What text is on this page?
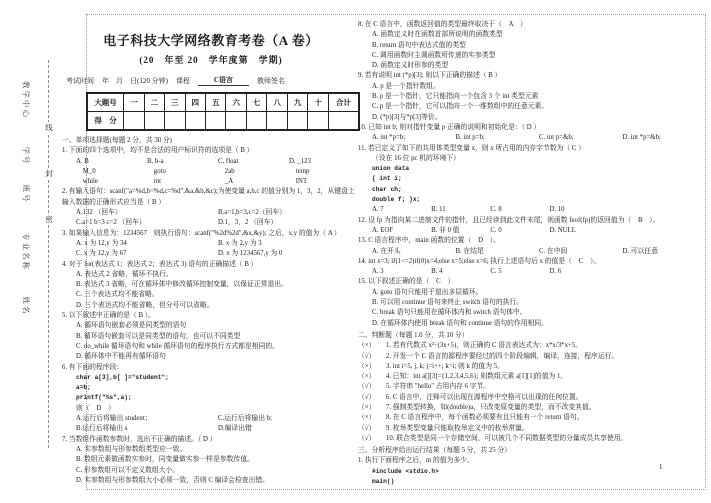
教学中心
学号
班号
专业名称
姓名
线
封
密
电子科技大学网络教育考卷（A 卷）
(20　年至 20　学年度第　学期)
考试时间 年　月　日(120 分钟) 课程	C语言	教师签名
大题号	一	二	三	四	五	六	七	八	九	十	合计
得　分											
一、单项选择题(每题 2 分，共 30 分)
1. 下面的四个选项中，均不是合法的用户标识符的选项是（ B ）
A. B	B. b-a	C. float	D. _123
　M_0	　goto	　2ab	　temp
　while	　int	　_A	　INT
2. 有输入语句：scanf("a=%d,b=%d,c=%d",&a,&b,&c);为使变量 a,b,c 的值分别为 1，3，2，从键盘上输入数据的正确形式应当是（ B ）
A.132 （回车）	B.a=1,b=3,c=2（回车）
C.a=1 b=3 c=2 （回车）	D.1，3，2 （回车）
3. 如果输入信息为：1234567　则执行语句：scanf("%2d%2d",&x,&y); 之后，x,y 的值为（ A ）
A. x 为 12,y 为 34	B. x 为 2,y 为 3
C. x 为 12,y 为 67	D. x 为 1234567,y 为 0
4. 对于 for(表达式 1；表达式 2；表达式 3) 语句的正确描述（ B ）
A. 表达式 2 省略，循环不执行。
B. 表达式 3 省略，可在循环体中修改循环控制变量，以保证正常退出。
C. 三个表达式均不能省略。
D. 三个表达式均不能省略，但分号可以省略。
5. 以下叙述中正确的是（ B ）。
A. 循环语句嵌套必须是同类型的语句
B. 循环语句嵌套可以是同类型的语句，也可以不同类型
C. do_while 循环语句和 while 循环语句的程序执行方式都是相同的。
D. 循环体中不能再有循环语句
6. 有下面的程序段：
char a[3],b[ ]="student";
a=b;
printf("%s",a);
则（　D　）
A.运行后将输出 student；	C.运行后将输出 b;
B.运行后将输出 s	D.编译出错
7. 当数组作函数参数时，选出不正确的描述。（ D ）
A. 实参数组与形参数组类型应一致。
B. 数组元素做函数实参时，同变量做实参一样是参数传值。
C. 形参数组可以不定义数组大小。
D. 实参数组与形参数组大小必须一致，否则 C 编译会检查出错。
8. 在 C 语言中，函数返回值的类型最终取决于（　A　）
A. 函数定义时在函数首部所说明的函数类型
B. return 语句中表达式值的类型
C. 调用函数时主调函数所传递的实参类型
D. 函数定义时形参的类型
9. 若有说明 int (*p)[3]; 则以下正确的描述（ B ）
A. p 是一个指针数组。
B. p 是一个指针，它只能指向一个包含 3 个 int 类型元素
C. p 是一个指针，它可以指向一个一维数组中的任意元素。
D. (*p)[3]与*p[3]等价。
10. 已知 int b; 则对指针变量 p 正确的说明和初始化是：（ D ）
A. int *p=b;	B. int p=b;	C. int p=&b;	D. int *p=&b;
11. 若已定义了如下的共用体类型变量 x，则 x 所占用的内存字节数为（ C ）
（设在 16 位 pc 机的环境下）
union data
{ int i;
char ch;
double f; }x;
A. 7	B. 11	C. 8	D. 10
12. 设 fp 为指向某二进制文件的指针，且已经读到此文件末尾，则函数 feof(fp)的返回值为（　B　）。
A. EOF	B. 非 0 值	C. 0	D. NULL
13. C 语言程序中，main 函数的位置（　D　）。
A. 在开头	B. 在结尾	C. 在中间	D. 可以任意
14. int x=3; if(1<=2)if(0)x=4;else x=5;else x=6; 执行上述语句后 x 的值是（　C　）。
A. 3	B. 4	C. 5	D. 6
15. 以下叙述正确的是（　C　）
A. goto 语句只能用于退出多层循环。
B. 可以用 continue 语句来终止 switch 语句的执行。
C. break 语句只能用在循环体内和 switch 语句体中。
D. 在循环体内使用 break 语句和 continue 语句的作用相同。
二、判断题（每题 1.0 分，共 10 分）
（×）	1. 若有代数式 x²÷(3x+5)，则正确的 C 语言表达式为：x*x/3*x+5。
（√）	2. 开发一个 C 语言的源程序要经过的四个阶段编辑，编译，连接，程序运行。
（×）	3. int i=5, j, k; j=i++; k=i; 则 k 的值为 5。
（×）	4. 已知：int a[][3]={1,2,3,4,5,6}; 则数组元素 a[1][1]的值为 1。
（√）	5. 字符串 "hello" 占用内存 6 字节。
（√）	6. C 语言中，注释可以出现在源程序中空格可以出现的任何位置。
（×）	7. 强制类型转换，如(double)a，只改变原变量的类型，而不改变其值。
（×）	8. 在 C 语言程序中，每个函数必须要有且只能有一个 return 语句。
（√）	9. 枚举类型变量只能取枚举定义中的枚举常量。
（√）	10. 联合类型是同一个存储空间，可以被几个不同数据类型的分量成员共享使用。
三、分析程序给出运行结果（每题 5 分，共 25 分）
1. 执行下面程序之后，m 的值为多少。
#include <stdio.h>
main()
1
